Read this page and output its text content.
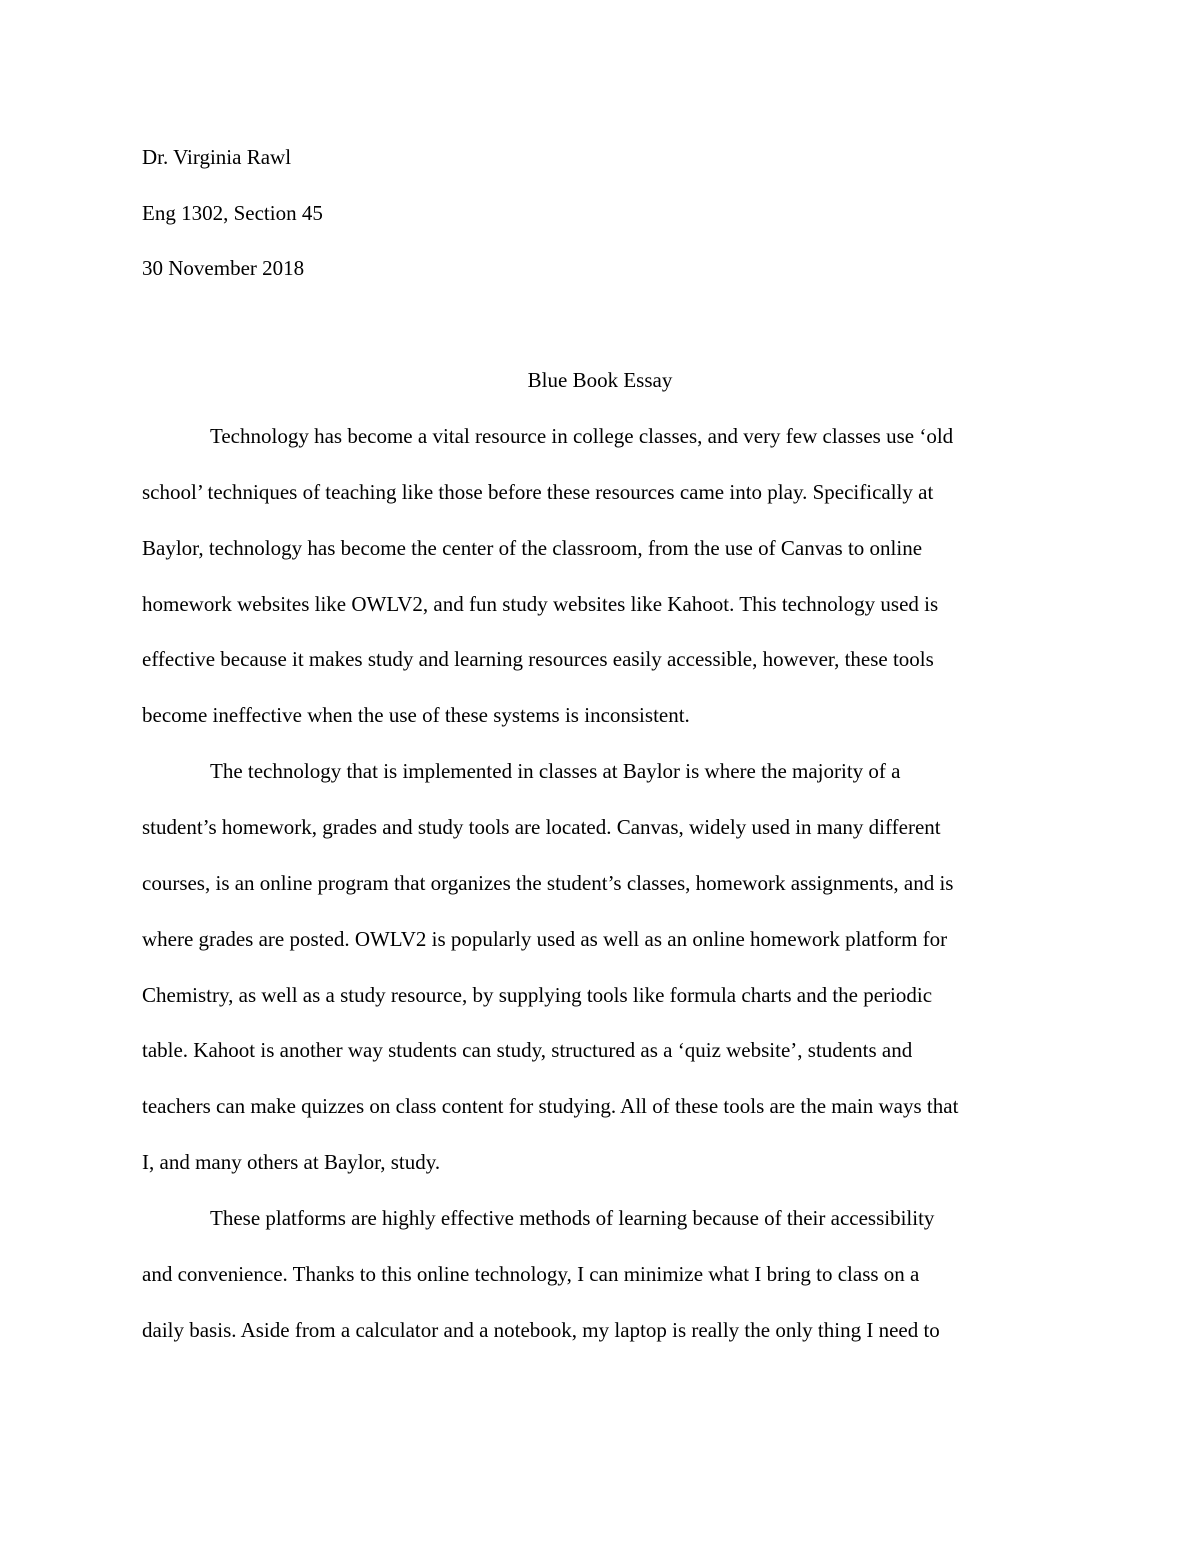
Dr. Virginia Rawl

Eng 1302, Section 45

30 November 2018

Blue Book Essay

Technology has become a vital resource in college classes, and very few classes use ‘old

school’ techniques of teaching like those before these resources came into play. Specifically at

Baylor, technology has become the center of the classroom, from the use of Canvas to online

homework websites like OWLV2, and fun study websites like Kahoot. This technology used is

effective because it makes study and learning resources easily accessible, however, these tools

become ineffective when the use of these systems is inconsistent.

The technology that is implemented in classes at Baylor is where the majority of a

student’s homework, grades and study tools are located. Canvas, widely used in many different

courses, is an online program that organizes the student’s classes, homework assignments, and is

where grades are posted. OWLV2 is popularly used as well as an online homework platform for

Chemistry, as well as a study resource, by supplying tools like formula charts and the periodic

table. Kahoot is another way students can study, structured as a ‘quiz website’, students and

teachers can make quizzes on class content for studying. All of these tools are the main ways that

I, and many others at Baylor, study.

These platforms are highly effective methods of learning because of their accessibility

and convenience. Thanks to this online technology, I can minimize what I bring to class on a

daily basis. Aside from a calculator and a notebook, my laptop is really the only thing I need to
